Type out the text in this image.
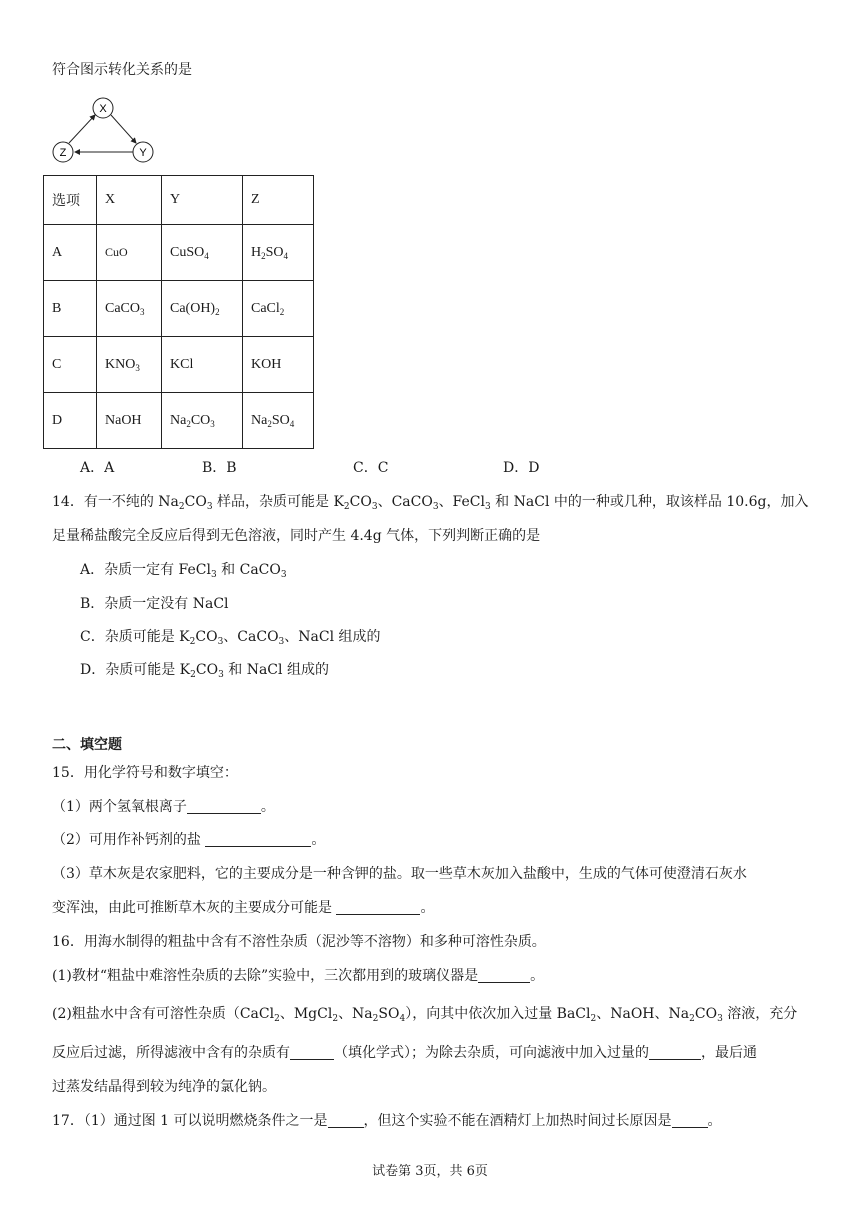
符合图示转化关系的是
X
Z	Y
选项	X	Y	Z
A	CuO	CuSO$_4$	$H_2SO_4$
B	CaCO$_3$	$Ca(OH)_2$	CaCl$_2$
C	$KNO_3$	KCl	KOH
D	NaOH	$Na_2CO_3$	$Na_2SO_4$
A．A	B．B	C．C	D．D
14．有一不纯的 $Na_2CO_3$ 样品，杂质可能是 $K_2CO_3$、CaCO$_3$、FeCl$_3$ 和 NaCl 中的一种或几种，取该样品 10.6g，加入
足量稀盐酸完全反应后得到无色溶液，同时产生 4.4g 气体，下列判断正确的是
A．杂质一定有 FeCl$_3$ 和 CaCO$_3$
B．杂质一定没有 NaCl
C．杂质可能是 $K_2CO_3$、CaCO$_3$、NaCl 组成的
D．杂质可能是 $K_2CO_3$ 和 NaCl 组成的
二、填空题
15．用化学符号和数字填空：
（1）两个氢氧根离子	。
（2）可用作补钙剂的盐	。
（3）草木灰是农家肥料，它的主要成分是一种含钾的盐。取一些草木灰加入盐酸中，生成的气体可使澄清石灰水
变浑浊，由此可推断草木灰的主要成分可能是	。
16．用海水制得的粗盐中含有不溶性杂质（泥沙等不溶物）和多种可溶性杂质。
(1)教材“粗盐中难溶性杂质的去除”实验中，三次都用到的玻璃仪器是	。
(2)粗盐水中含有可溶性杂质（CaCl$_2$、MgCl$_2$、$Na_2SO_4$），向其中依次加入过量 BaCl$_2$、NaOH、$Na_2CO_3$ 溶液，充分
反应后过滤，所得滤液中含有的杂质有	（填化学式）；为除去杂质，可向滤液中加入过量的	，最后通
过蒸发结晶得到较为纯净的氯化钠。
17．（1）通过图 1 可以说明燃烧条件之一是	，但这个实验不能在酒精灯上加热时间过长原因是	。
试卷第 3页，共 6页
